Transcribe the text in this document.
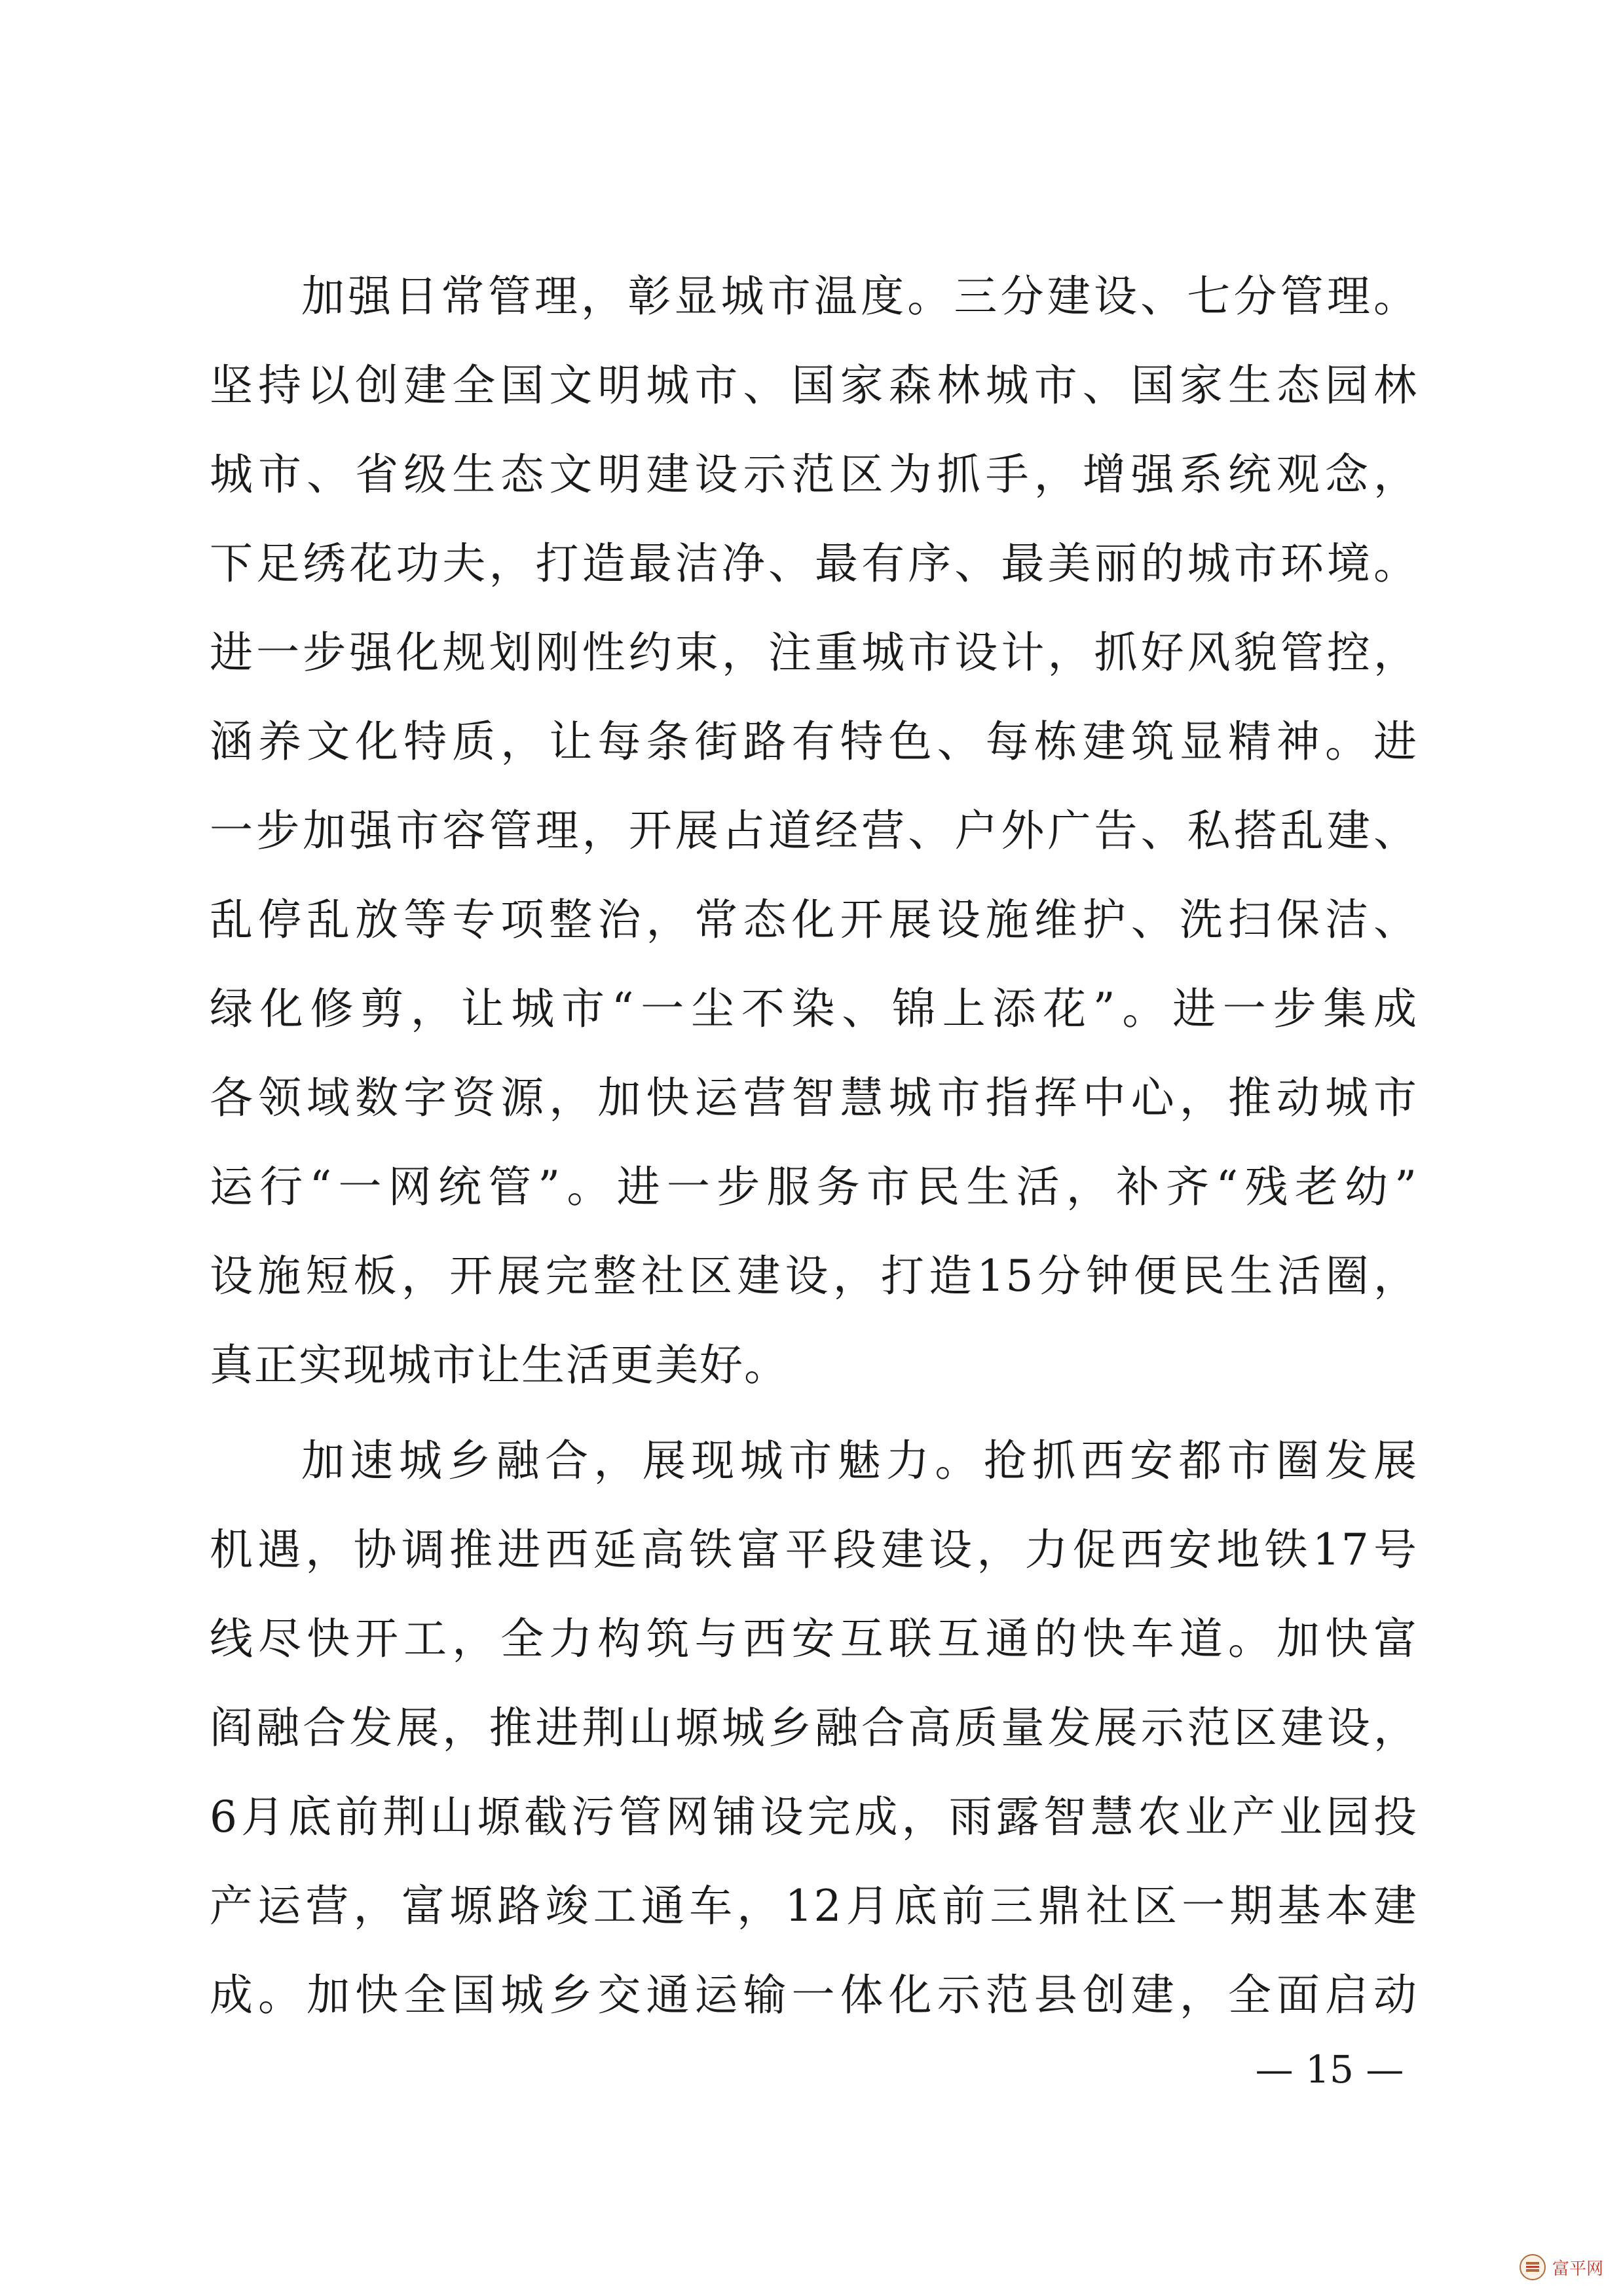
加强日常管理，彰显城市温度。三分建设、七分管理。
坚持以创建全国文明城市、国家森林城市、国家生态园林
城市、省级生态文明建设示范区为抓手，增强系统观念，
下足绣花功夫，打造最洁净、最有序、最美丽的城市环境。
进一步强化规划刚性约束，注重城市设计，抓好风貌管控，
涵养文化特质，让每条街路有特色、每栋建筑显精神。进
一步加强市容管理，开展占道经营、户外广告、私搭乱建、
乱停乱放等专项整治，常态化开展设施维护、洗扫保洁、
绿化修剪，让城市“一尘不染、锦上添花”。进一步集成
各领域数字资源，加快运营智慧城市指挥中心，推动城市
运行“一网统管”。进一步服务市民生活，补齐“残老幼”
设施短板，开展完整社区建设，打造15分钟便民生活圈，
真正实现城市让生活更美好。
加速城乡融合，展现城市魅力。抢抓西安都市圈发展
机遇，协调推进西延高铁富平段建设，力促西安地铁17号
线尽快开工，全力构筑与西安互联互通的快车道。加快富
阎融合发展，推进荆山塬城乡融合高质量发展示范区建设，
6月底前荆山塬截污管网铺设完成，雨露智慧农业产业园投
产运营，富塬路竣工通车，12月底前三鼎社区一期基本建
成。加快全国城乡交通运输一体化示范县创建，全面启动
— 15 —
富平网
